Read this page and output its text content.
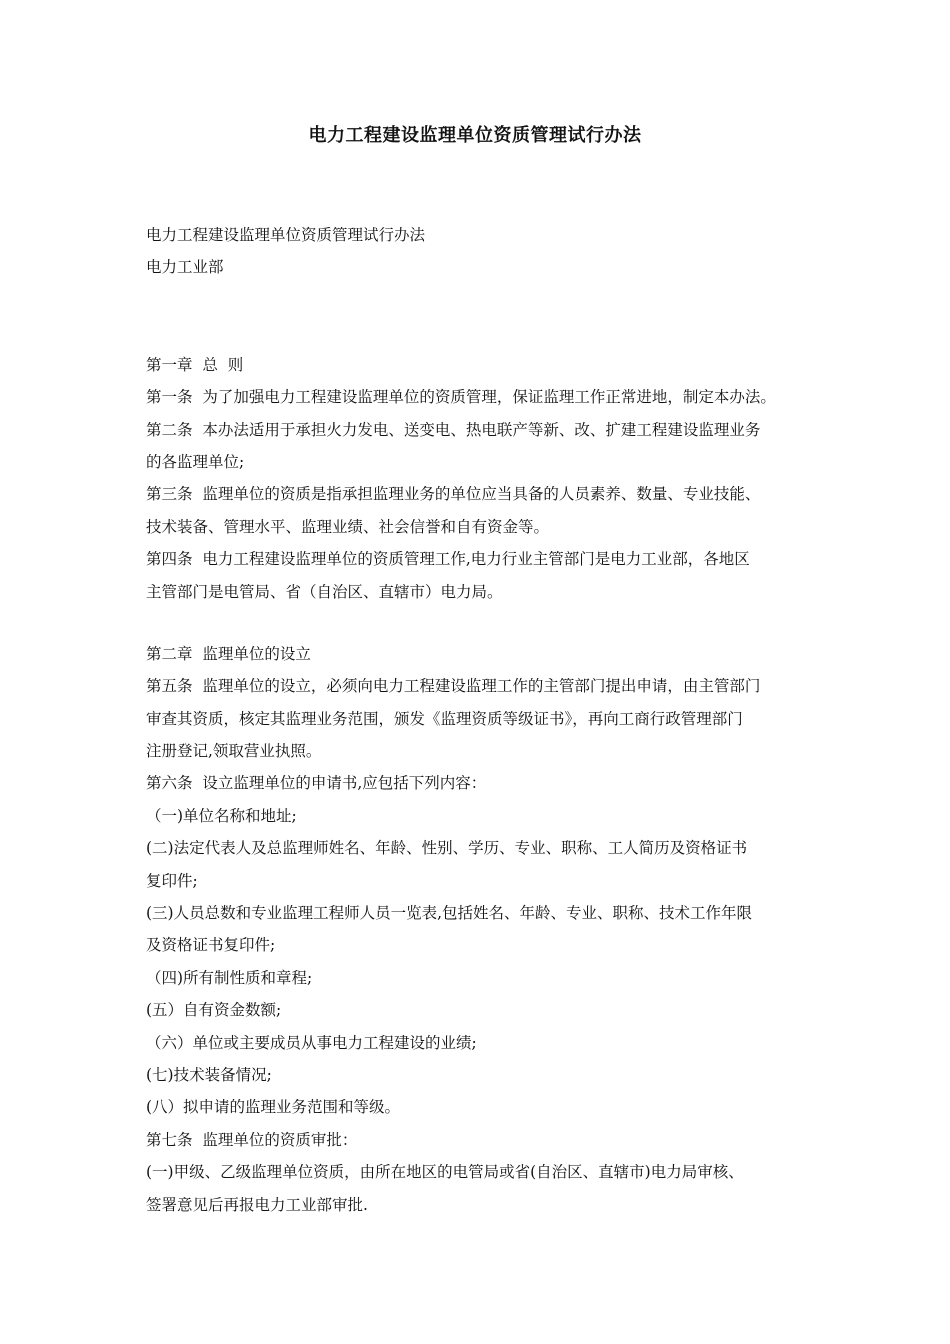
电力工程建设监理单位资质管理试行办法
电力工程建设监理单位资质管理试行办法
电力工业部
第一章  总  则
第一条  为了加强电力工程建设监理单位的资质管理，保证监理工作正常进地，制定本办法。
第二条  本办法适用于承担火力发电、送变电、热电联产等新、改、扩建工程建设监理业务
的各监理单位;
第三条  监理单位的资质是指承担监理业务的单位应当具备的人员素养、数量、专业技能、
技术装备、管理水平、监理业绩、社会信誉和自有资金等。
第四条  电力工程建设监理单位的资质管理工作,电力行业主管部门是电力工业部，各地区
主管部门是电管局、省（自治区、直辖市）电力局。
第二章  监理单位的设立
第五条  监理单位的设立，必须向电力工程建设监理工作的主管部门提出申请，由主管部门
审查其资质，核定其监理业务范围，颁发《监理资质等级证书》，再向工商行政管理部门
注册登记,领取营业执照。
第六条  设立监理单位的申请书,应包括下列内容：
（一)单位名称和地址;
(二)法定代表人及总监理师姓名、年龄、性别、学历、专业、职称、工人简历及资格证书
复印件;
(三)人员总数和专业监理工程师人员一览表,包括姓名、年龄、专业、职称、技术工作年限
及资格证书复印件;
（四)所有制性质和章程;
(五）自有资金数额;
（六）单位或主要成员从事电力工程建设的业绩;
(七)技术装备情况;
(八）拟申请的监理业务范围和等级。
第七条  监理单位的资质审批：
(一)甲级、乙级监理单位资质，由所在地区的电管局或省(自治区、直辖市)电力局审核、
签署意见后再报电力工业部审批.
